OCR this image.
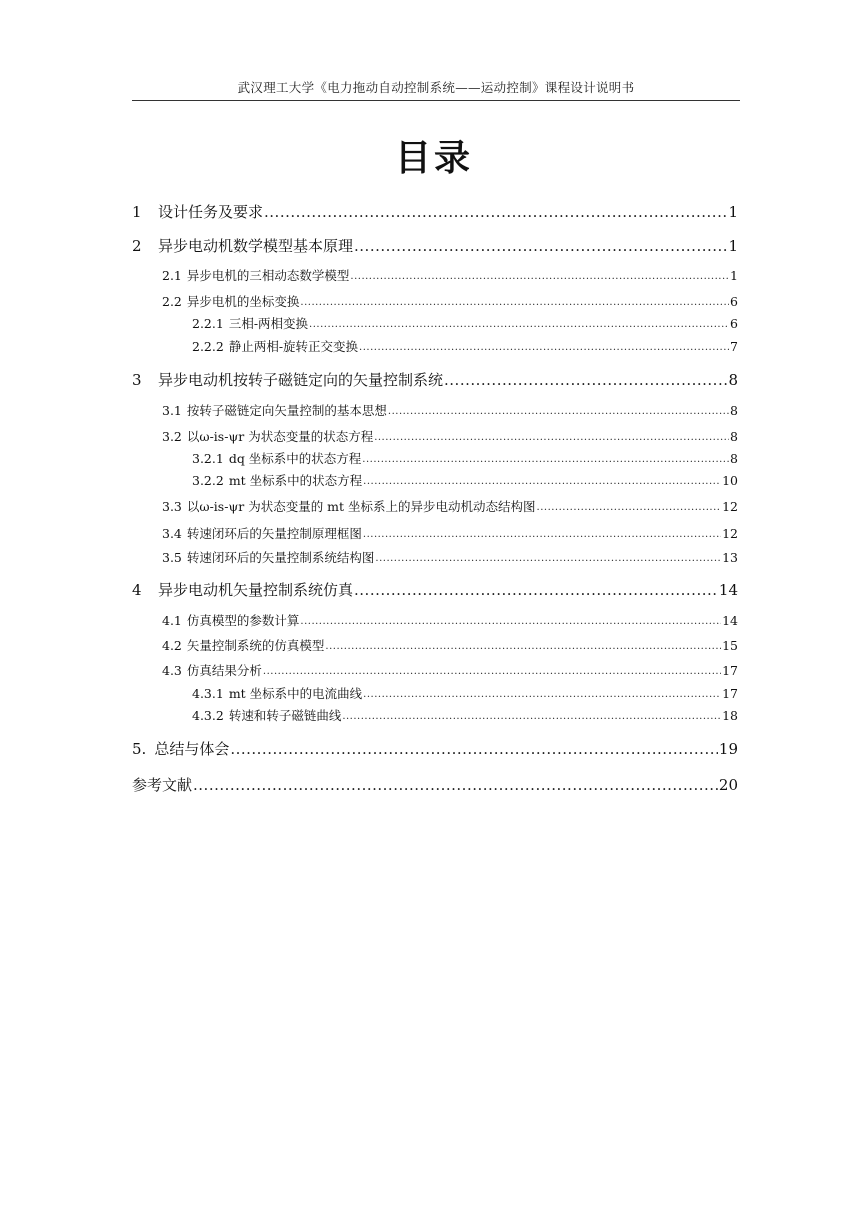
武汉理工大学《电力拖动自动控制系统——运动控制》课程设计说明书
目录
1	设计任务及要求 .....	1
2	异步电动机数学模型基本原理 .....	1
2.1 异步电机的三相动态数学模型 .....	1
2.2 异步电机的坐标变换 .....	6
2.2.1 三相-两相变换 .....	6
2.2.2 静止两相-旋转正交变换 .....	7
3	异步电动机按转子磁链定向的矢量控制系统 .....	8
3.1 按转子磁链定向矢量控制的基本思想 .....	8
3.2 以ω-is-ψr 为状态变量的状态方程 .....	8
3.2.1 dq 坐标系中的状态方程 .....	8
3.2.2 mt 坐标系中的状态方程 .....	10
3.3 以ω-is-ψr 为状态变量的 mt 坐标系上的异步电动机动态结构图 .....	12
3.4 转速闭环后的矢量控制原理框图 .....	12
3.5 转速闭环后的矢量控制系统结构图 .....	13
4	异步电动机矢量控制系统仿真 .....	14
4.1 仿真模型的参数计算 .....	14
4.2 矢量控制系统的仿真模型 .....	15
4.3 仿真结果分析 .....	17
4.3.1 mt 坐标系中的电流曲线 .....	17
4.3.2 转速和转子磁链曲线 .....	18
5. 总结与体会 .....	19
参考文献 .....	20
